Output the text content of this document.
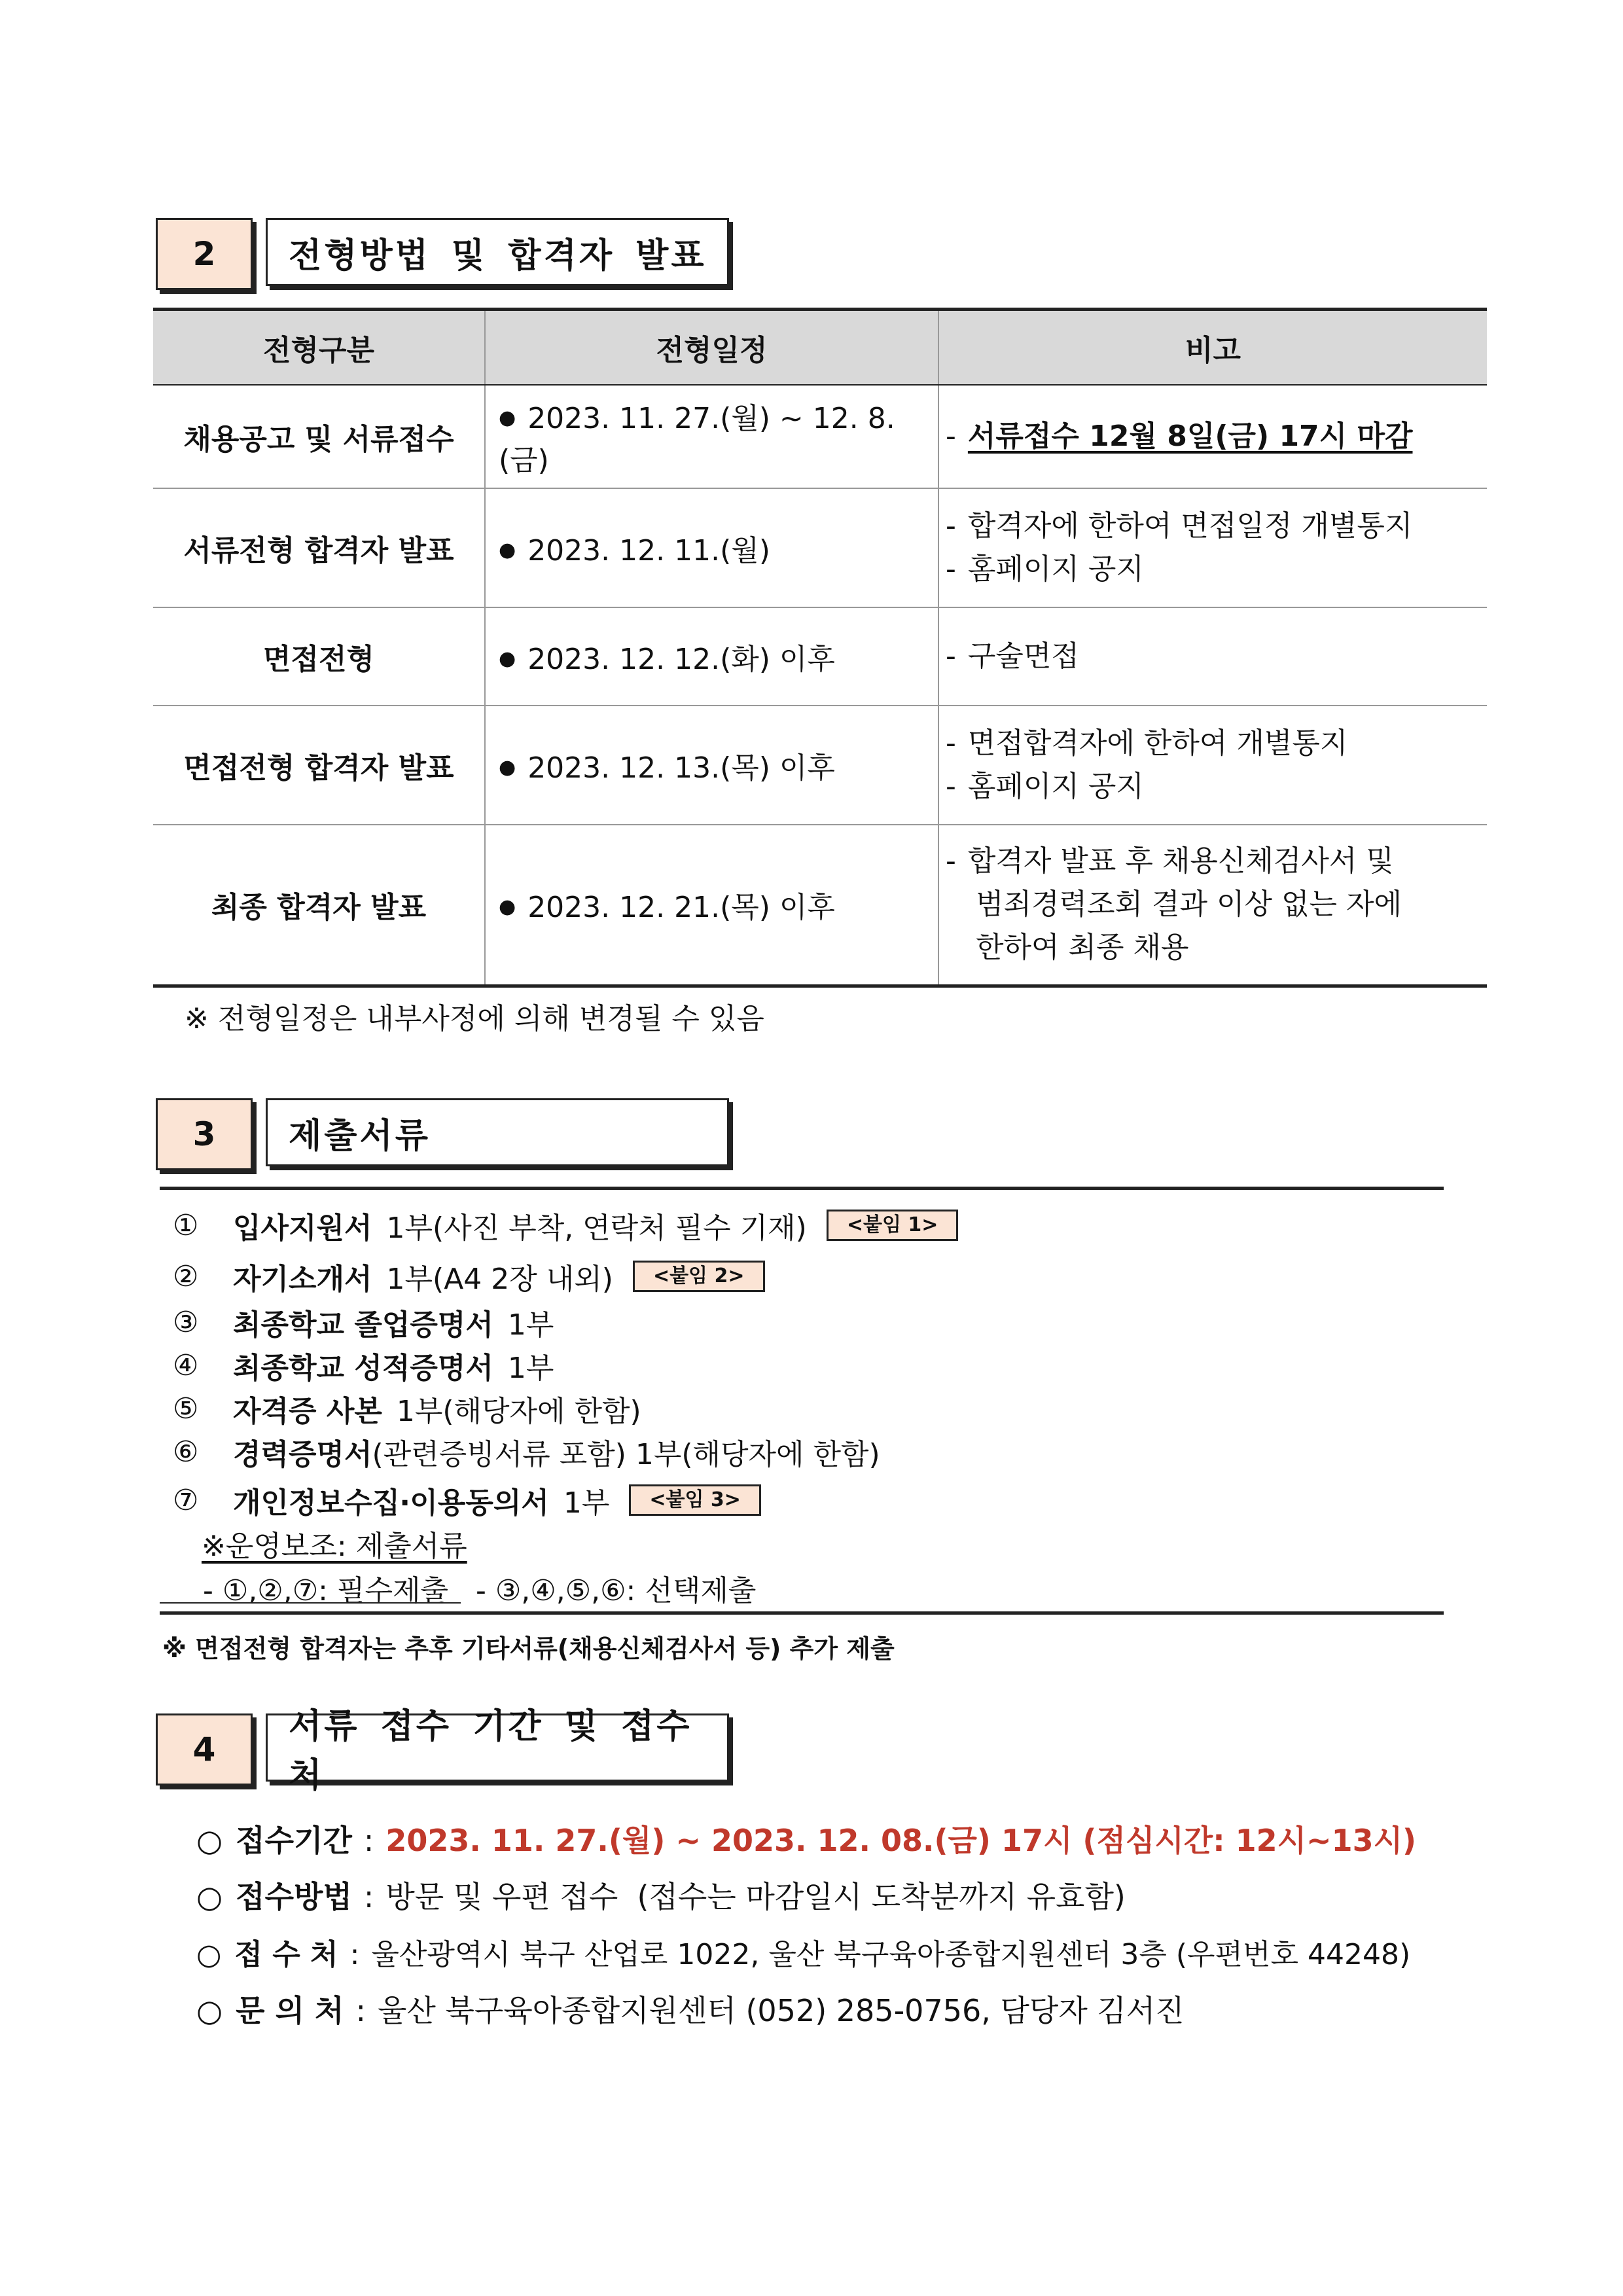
2	전형방법 및 합격자 발표
전형구분	전형일정	비고
채용공고 및 서류접수	● 2023. 11. 27.(월) ~ 12. 8.(금)	- 서류접수 12월 8일(금) 17시 마감

서류전형 합격자 발표	● 2023. 12. 11.(월)	- 합격자에 한하여 면접일정 개별통지
- 홈페이지 공지

면접전형	● 2023. 12. 12.(화) 이후	- 구술면접

면접전형 합격자 발표	● 2023. 12. 13.(목) 이후	- 면접합격자에 한하여 개별통지
- 홈페이지 공지

최종 합격자 발표	● 2023. 12. 21.(목) 이후	- 합격자 발표 후 채용신체검사서 및
범죄경력조회 결과 이상 없는 자에
한하여 최종 채용
※ 전형일정은 내부사정에 의해 변경될 수 있음
3	제출서류
①	입사지원서 1부(사진 부착, 연락처 필수 기재)	<붙임 1>
②	자기소개서 1부(A4 2장 내외)	<붙임 2>
③	최종학교 졸업증명서 1부
④	최종학교 성적증명서 1부
⑤	자격증 사본 1부(해당자에 한함)
⑥	경력증명서 (관련증빙서류 포함) 1부(해당자에 한함)
⑦	개인정보수집‧이용동의서 1부	<붙임 3>
※운영보조: 제출서류
- ①,②,⑦: 필수제출   - ③,④,⑤,⑥: 선택제출
※ 면접전형 합격자는 추후 기타서류(채용신체검사서 등) 추가 제출
4
서류 접수 기간 및 접수처
○ 접수기간 : 2023. 11. 27.(월) ~ 2023. 12. 08.(금) 17시 (점심시간: 12시~13시)
○ 접수방법 : 방문 및 우편 접수  (접수는 마감일시 도착분까지 유효함)
○ 접 수 처 : 울산광역시 북구 산업로 1022, 울산 북구육아종합지원센터 3층 (우편번호 44248)
○ 문 의 처 : 울산 북구육아종합지원센터 (052) 285-0756, 담당자 김서진
